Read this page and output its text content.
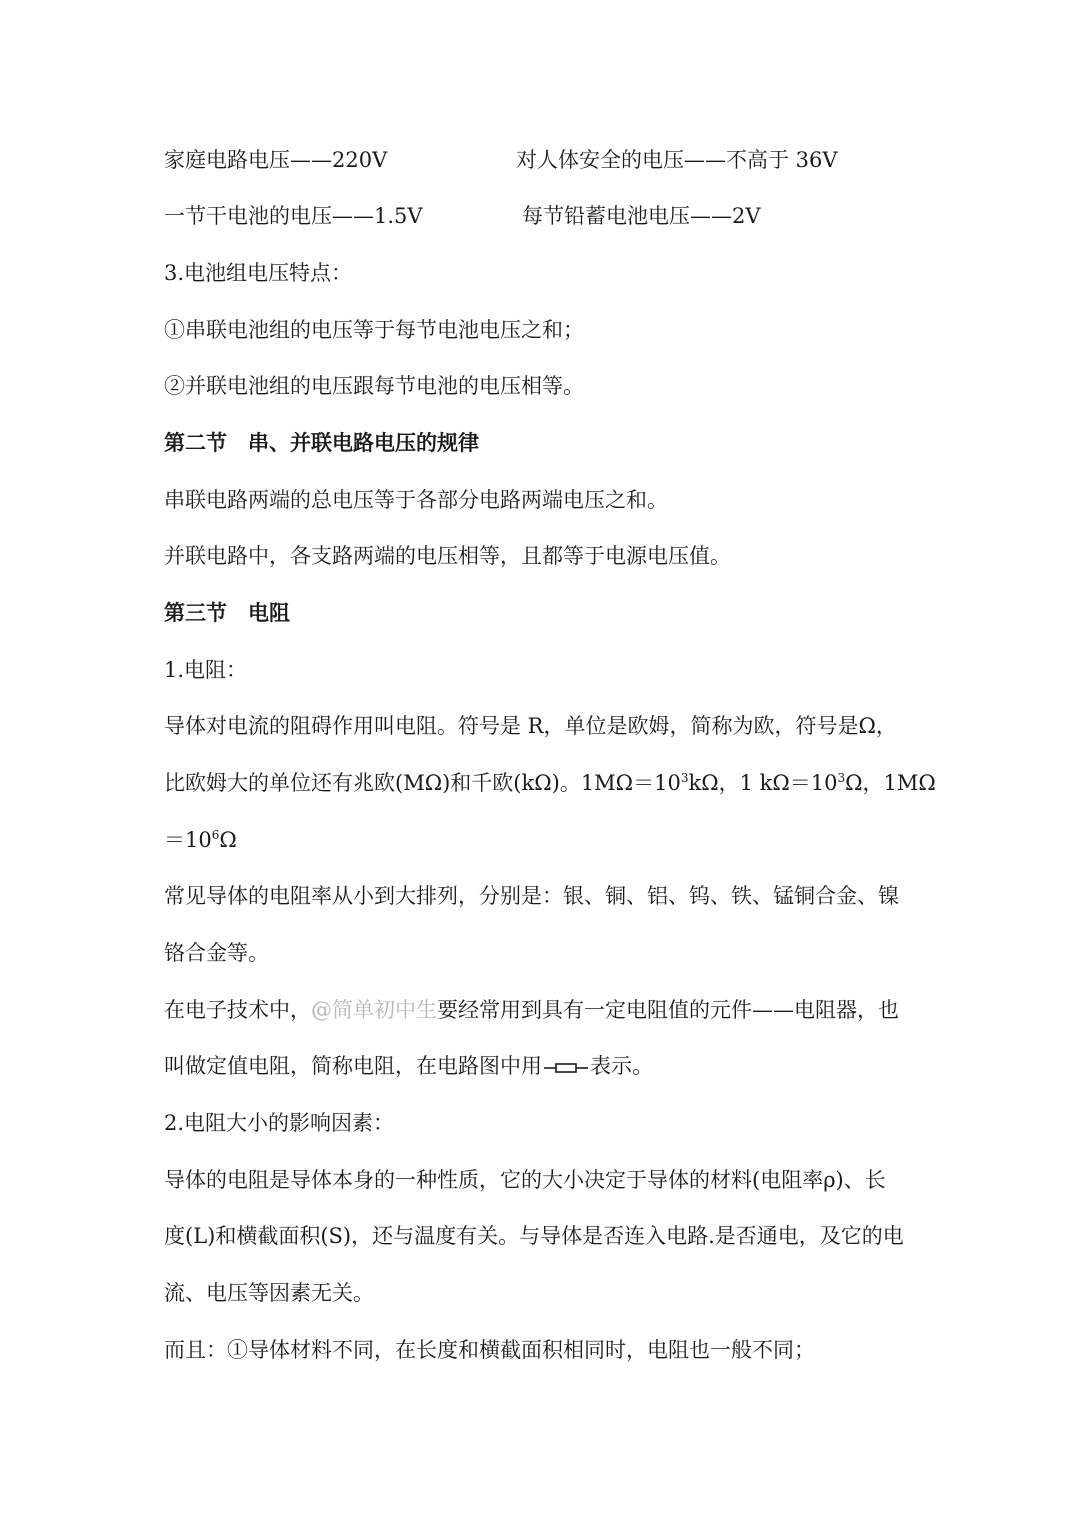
家庭电路电压——220V	对人体安全的电压——不高于 36V
一节干电池的电压——1.5V	每节铅蓄电池电压——2V
3.电池组电压特点：
①串联电池组的电压等于每节电池电压之和；
②并联电池组的电压跟每节电池的电压相等。
第二节　串、并联电路电压的规律
串联电路两端的总电压等于各部分电路两端电压之和。
并联电路中，各支路两端的电压相等，且都等于电源电压值。
第三节　电阻
1.电阻：
导体对电流的阻碍作用叫电阻。符号是 R，单位是欧姆，简称为欧，符号是Ω，
比欧姆大的单位还有兆欧(MΩ)和千欧(kΩ)。$1M\Omega=10^3k\Omega$，1 $k\Omega=10^3\Omega$，1MΩ
$=10^6\Omega$
常见导体的电阻率从小到大排列，分别是：银、铜、铝、钨、铁、锰铜合金、镍
铬合金等。
在电子技术中，@简单初中生要经常用到具有一定电阻值的元件——电阻器，也
叫做定值电阻，简称电阻，在电路图中用 表示。
2.电阻大小的影响因素：
导体的电阻是导体本身的一种性质，它的大小决定于导体的材料(电阻率ρ)、长
度(L)和横截面积(S)，还与温度有关。与导体是否连入电路.是否通电，及它的电
流、电压等因素无关。
而且：①导体材料不同，在长度和横截面积相同时，电阻也一般不同；
